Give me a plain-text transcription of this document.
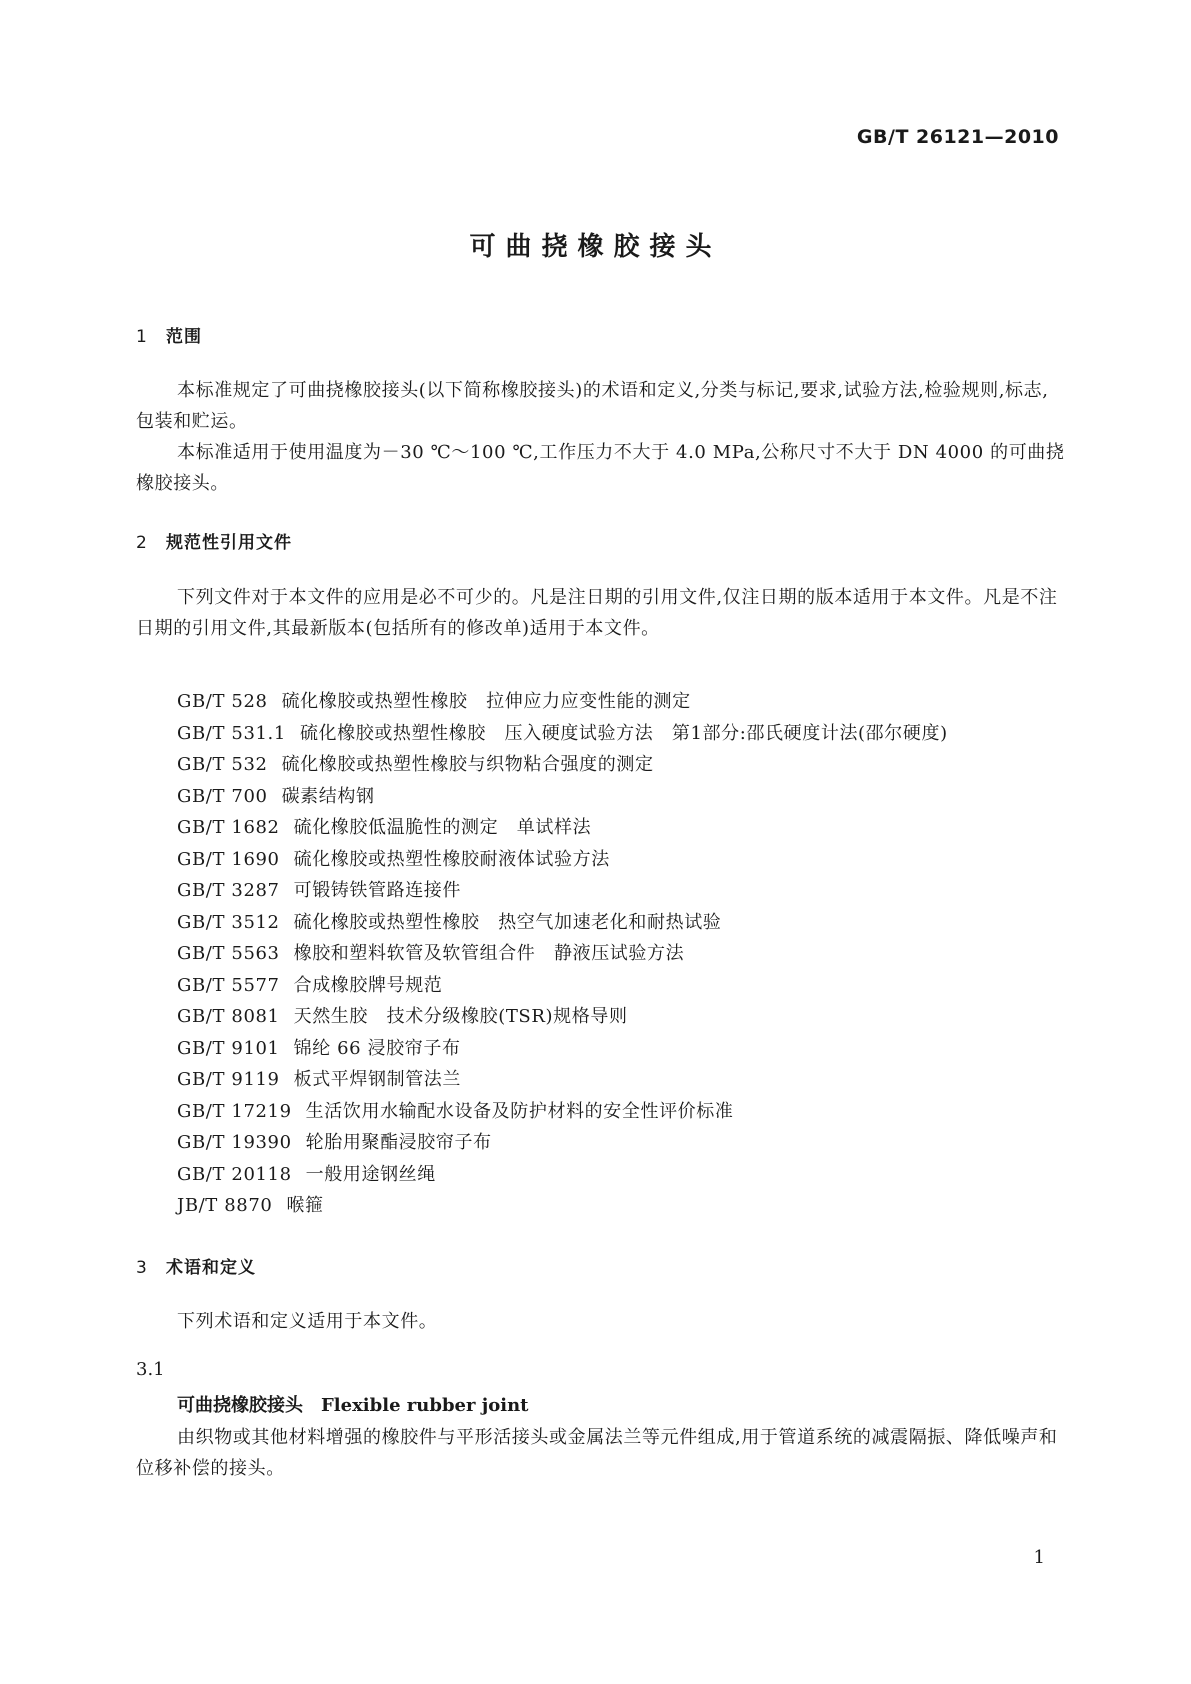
GB/T 26121—2010
可曲挠橡胶接头
1 范围
本标准规定了可曲挠橡胶接头(以下简称橡胶接头)的术语和定义,分类与标记,要求,试验方法,检验规则,标志,包装和贮运。
本标准适用于使用温度为－30 ℃～100 ℃,工作压力不大于 4.0 MPa,公称尺寸不大于 DN 4000 的可曲挠橡胶接头。
2 规范性引用文件
下列文件对于本文件的应用是必不可少的。凡是注日期的引用文件,仅注日期的版本适用于本文件。凡是不注日期的引用文件,其最新版本(包括所有的修改单)适用于本文件。
GB/T 528 硫化橡胶或热塑性橡胶　拉伸应力应变性能的测定
GB/T 531.1 硫化橡胶或热塑性橡胶　压入硬度试验方法　第1部分:邵氏硬度计法(邵尔硬度)
GB/T 532 硫化橡胶或热塑性橡胶与织物粘合强度的测定
GB/T 700 碳素结构钢
GB/T 1682 硫化橡胶低温脆性的测定　单试样法
GB/T 1690 硫化橡胶或热塑性橡胶耐液体试验方法
GB/T 3287 可锻铸铁管路连接件
GB/T 3512 硫化橡胶或热塑性橡胶　热空气加速老化和耐热试验
GB/T 5563 橡胶和塑料软管及软管组合件　静液压试验方法
GB/T 5577 合成橡胶牌号规范
GB/T 8081 天然生胶　技术分级橡胶(TSR)规格导则
GB/T 9101 锦纶 66 浸胶帘子布
GB/T 9119 板式平焊钢制管法兰
GB/T 17219 生活饮用水输配水设备及防护材料的安全性评价标准
GB/T 19390 轮胎用聚酯浸胶帘子布
GB/T 20118 一般用途钢丝绳
JB/T 8870 喉箍
3 术语和定义
下列术语和定义适用于本文件。
3.1
可曲挠橡胶接头 Flexible rubber joint
由织物或其他材料增强的橡胶件与平形活接头或金属法兰等元件组成,用于管道系统的减震隔振、降低噪声和位移补偿的接头。
1
